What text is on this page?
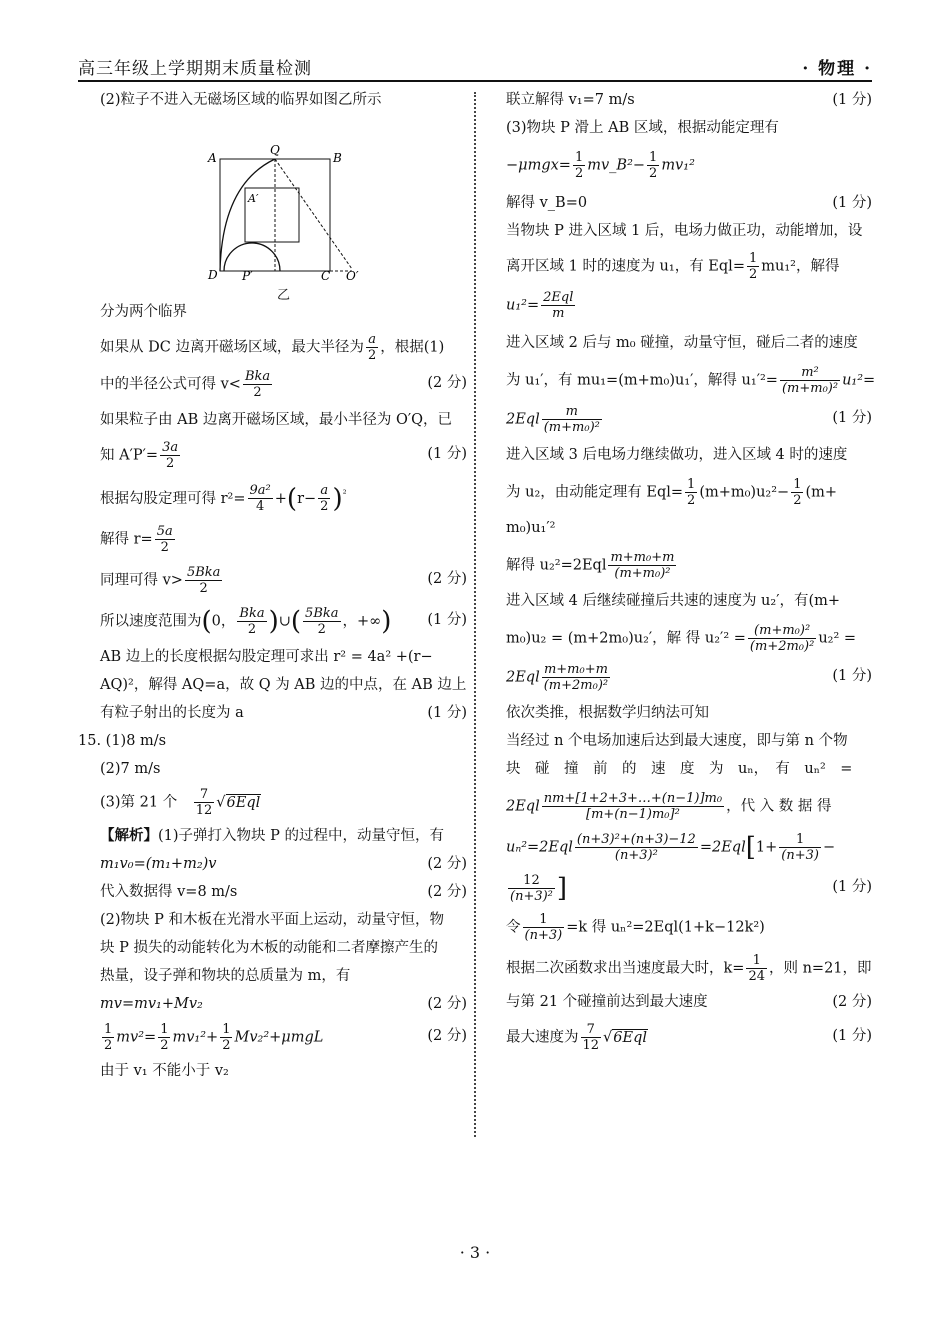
高三年级上学期期末质量检测	· 物理 ·
(2)粒子不进入无磁场区域的临界如图乙所示
A
Q
B
A′
D P′	C O′
乙
分为两个临界
如果从 DC 边离开磁场区域，最大半径为 $\frac{a}{2}$ ，根据(1)
中的半径公式可得 $v< \frac{\text{Bka}}{2}$	(2 分)
如果粒子由 AB 边离开磁场区域，最小半径为 O′Q，已
知 $A'P'= \frac{3a}{2}$	(1 分)
根据勾股定理可得 $r^2= \frac{\text{9a²}}{4} +(r- \frac{a}{2} )^{^2}$
解得 $r= \frac{5a}{2}$
同理可得 $v> \frac{\text{5Bka}}{2}$	(2 分)
所以速度范围为(0， $\frac{\text{Bka}}{2}$ )∪( $\frac{\text{5Bka}}{2}$ ，+∞) (1 分)
AB 边上的长度根据勾股定理可求出 r² = 4a² +(r−
AQ)²，解得 AQ=a，故 Q 为 AB 边的中点，在 AB 边上
有粒子射出的长度为 a	(1 分)
15. (1)8 m/s
(2)7 m/s
(3)第 21 个　 $\frac{7}{12} √6Eql$
【解析】(1)子弹打入物块 P 的过程中，动量守恒，有
m₁v₀=(m₁+m₂)v	(2 分)
代入数据得 v=8 m/s	(2 分)
(2)物块 P 和木板在光滑水平面上运动，动量守恒，物
块 P 损失的动能转化为木板的动能和二者摩擦产生的
热量，设子弹和物块的总质量为 m，有
mv=mv₁+Mv₂	(2 分)
$\frac{1}{2} mv^2= \frac{1}{2} mv_1^2+ \frac{1}{2} Mv_2^2+\mu mgL$	(2 分)
由于 v₁ 不能小于 v₂
联立解得 v₁=7 m/s	(1 分)
(3)物块 P 滑上 AB 区域，根据动能定理有
$-\mu mgx= \frac{1}{2}$ mv_B²− $\frac{1}{2} mv_1^2$
解得 v_B=0	(1 分)
当物块 P 进入区域 1 后，电场力做正功，动能增加，设
离开区域 1 时的速度为 u₁，有 $Eql= \frac{1}{2} mu_1^2$，解得
$u_1^2= \frac{\text{2Eql}}{m}$
进入区域 2 后与 m₀ 碰撞，动量守恒，碰后二者的速度
为 u₁′，有 mu₁=(m+m₀)u₁′，解得 $u_1'^2= \frac{\text{m²}}{\text{(m+m₀)²}} u_1^2=$
$2Eql \frac{m}{\text{(m+m₀)²}}$	(1 分)
进入区域 3 后电场力继续做功，进入区域 4 时的速度
为 u₂，由动能定理有 $Eql= \frac{1}{2} (m+m_0)u_2^2- \frac{1}{2} (m+$
m₀)u₁′²
解得 $u_2^2=2Eql \frac{\text{m+m₀+m}}{\text{(m+m₀)²}}$
进入区域 4 后继续碰撞后共速的速度为 u₂′，有(m+
m₀)u₂ = (m+2m₀)u₂′，解 得 $u_2'^2 = \frac{\text{(m+m₀)²}}{\text{(m+2m₀)²}} u_2^2$ =
$2Eql \frac{\text{m+m₀+m}}{\text{(m+2m₀)²}}$	(1 分)
依次类推，根据数学归纳法可知
当经过 n 个电场加速后达到最大速度，即与第 n 个物
块　碰　撞　前　的　速　度　为　uₙ，　有　uₙ²　=
$2Eql \frac{\text{nm+[1+2+3+…+(n−1)]m₀}}{\text{[m+(n−1)m₀]²}}$ ，代 入 数 据 得
$u_n^2=2Eql \frac{\text{(n+3)²+(n+3)−12}}{\text{(n+3)²}} =2Eql[1+ \frac{1}{(n+3)}$ −
$\frac{12}{\text{(n+3)²}}$ ]	(1 分)
令 $\frac{1}{(n+3)} =k$ 得 uₙ²=2Eql(1+k−12k²)
根据二次函数求出当速度最大时，$k= \frac{1}{24}$ ，则 n=21，即
与第 21 个碰撞前达到最大速度	(2 分)
最大速度为 $\frac{7}{12} √6Eql$	(1 分)
· 3 ·
